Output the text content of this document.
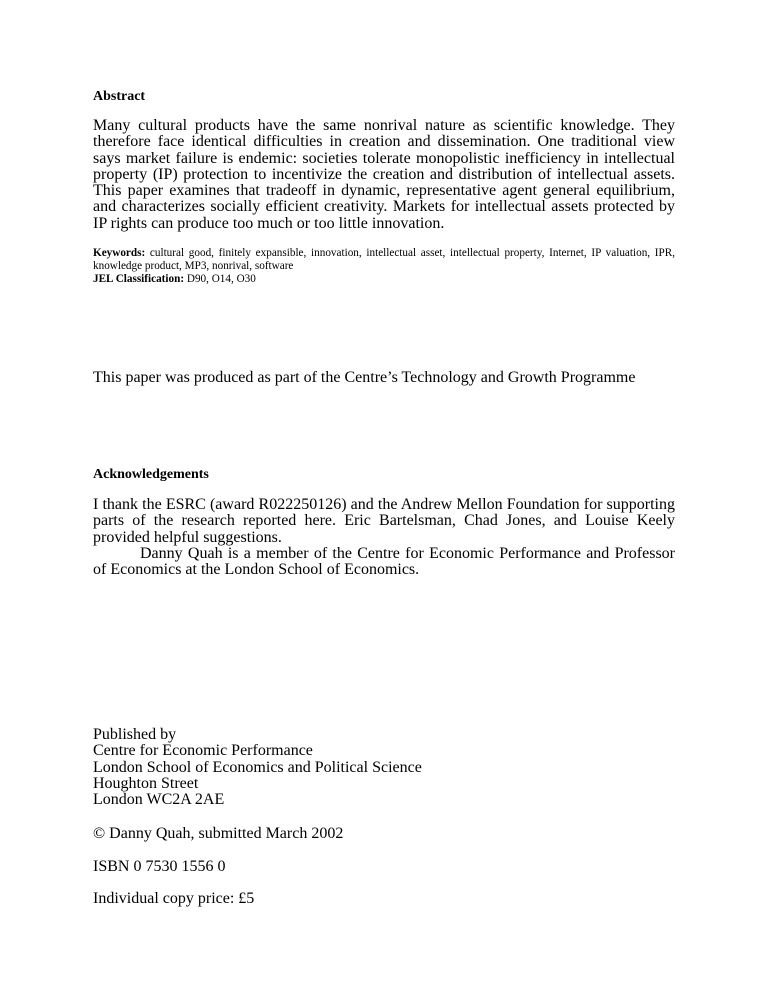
Abstract

Many cultural products have the same nonrival nature as scientific knowledge. They therefore face identical difficulties in creation and dissemination. One traditional view says market failure is endemic: societies tolerate monopolistic inefficiency in intellectual property (IP) protection to incentivize the creation and distribution of intellectual assets. This paper examines that tradeoff in dynamic, representative agent general equilibrium, and characterizes socially efficient creativity. Markets for intellectual assets protected by IP rights can produce too much or too little innovation.

Keywords: cultural good, finitely expansible, innovation, intellectual asset, intellectual property, Internet, IP valuation, IPR, knowledge product, MP3, nonrival, software

JEL Classification: D90, O14, O30

This paper was produced as part of the Centre’s Technology and Growth Programme

Acknowledgements

I thank the ESRC (award R022250126) and the Andrew Mellon Foundation for supporting parts of the research reported here. Eric Bartelsman, Chad Jones, and Louise Keely provided helpful suggestions.

Danny Quah is a member of the Centre for Economic Performance and Professor of Economics at the London School of Economics.

Published by

Centre for Economic Performance

London School of Economics and Political Science

Houghton Street

London WC2A 2AE

© Danny Quah, submitted March 2002

ISBN 0 7530 1556 0

Individual copy price: £5
